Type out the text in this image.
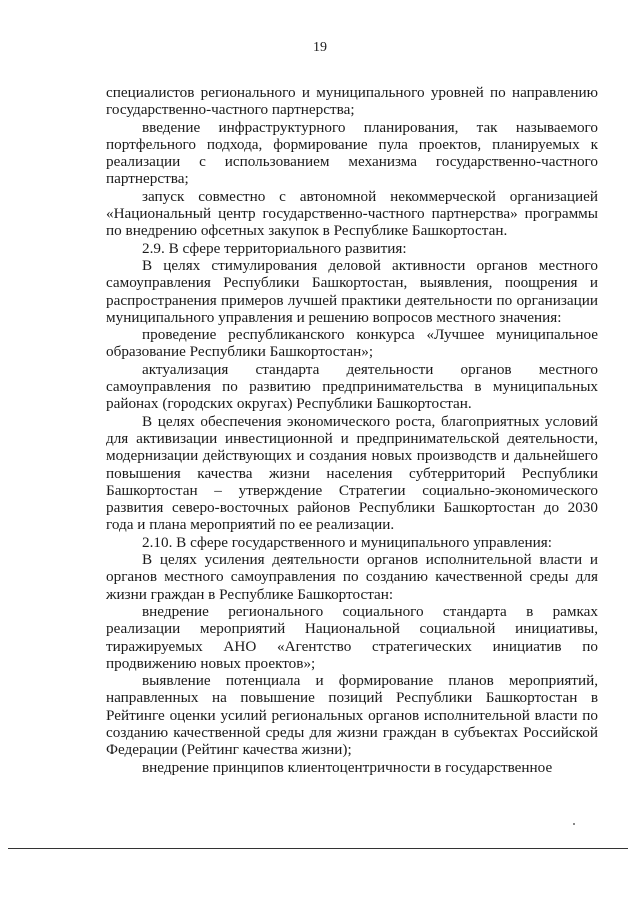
19

специалистов регионального и муниципального уровней по направлению государственно-частного партнерства;

введение инфраструктурного планирования, так называемого портфельного подхода, формирование пула проектов, планируемых к реализации с использованием механизма государственно-частного партнерства;

запуск совместно с автономной некоммерческой организацией «Национальный центр государственно-частного партнерства» программы по внедрению офсетных закупок в Республике Башкортостан.

2.9. В сфере территориального развития:

В целях стимулирования деловой активности органов местного самоуправления Республики Башкортостан, выявления, поощрения и распространения примеров лучшей практики деятельности по организации муниципального управления и решению вопросов местного значения:

проведение республиканского конкурса «Лучшее муниципальное образование Республики Башкортостан»;

актуализация стандарта деятельности органов местного самоуправления по развитию предпринимательства в муниципальных районах (городских округах) Республики Башкортостан.

В целях обеспечения экономического роста, благоприятных условий для активизации инвестиционной и предпринимательской деятельности, модернизации действующих и создания новых производств и дальнейшего повышения качества жизни населения субтерриторий Республики Башкортостан – утверждение Стратегии социально-экономического развития северо-восточных районов Республики Башкортостан до 2030 года и плана мероприятий по ее реализации.

2.10. В сфере государственного и муниципального управления:

В целях усиления деятельности органов исполнительной власти и органов местного самоуправления по созданию качественной среды для жизни граждан в Республике Башкортостан:

внедрение регионального социального стандарта в рамках реализации мероприятий Национальной социальной инициативы, тиражируемых АНО «Агентство стратегических инициатив по продвижению новых проектов»;

выявление потенциала и формирование планов мероприятий, направленных на повышение позиций Республики Башкортостан в Рейтинге оценки усилий региональных органов исполнительной власти по созданию качественной среды для жизни граждан в субъектах Российской Федерации (Рейтинг качества жизни);

внедрение принципов клиентоцентричности в государственное
